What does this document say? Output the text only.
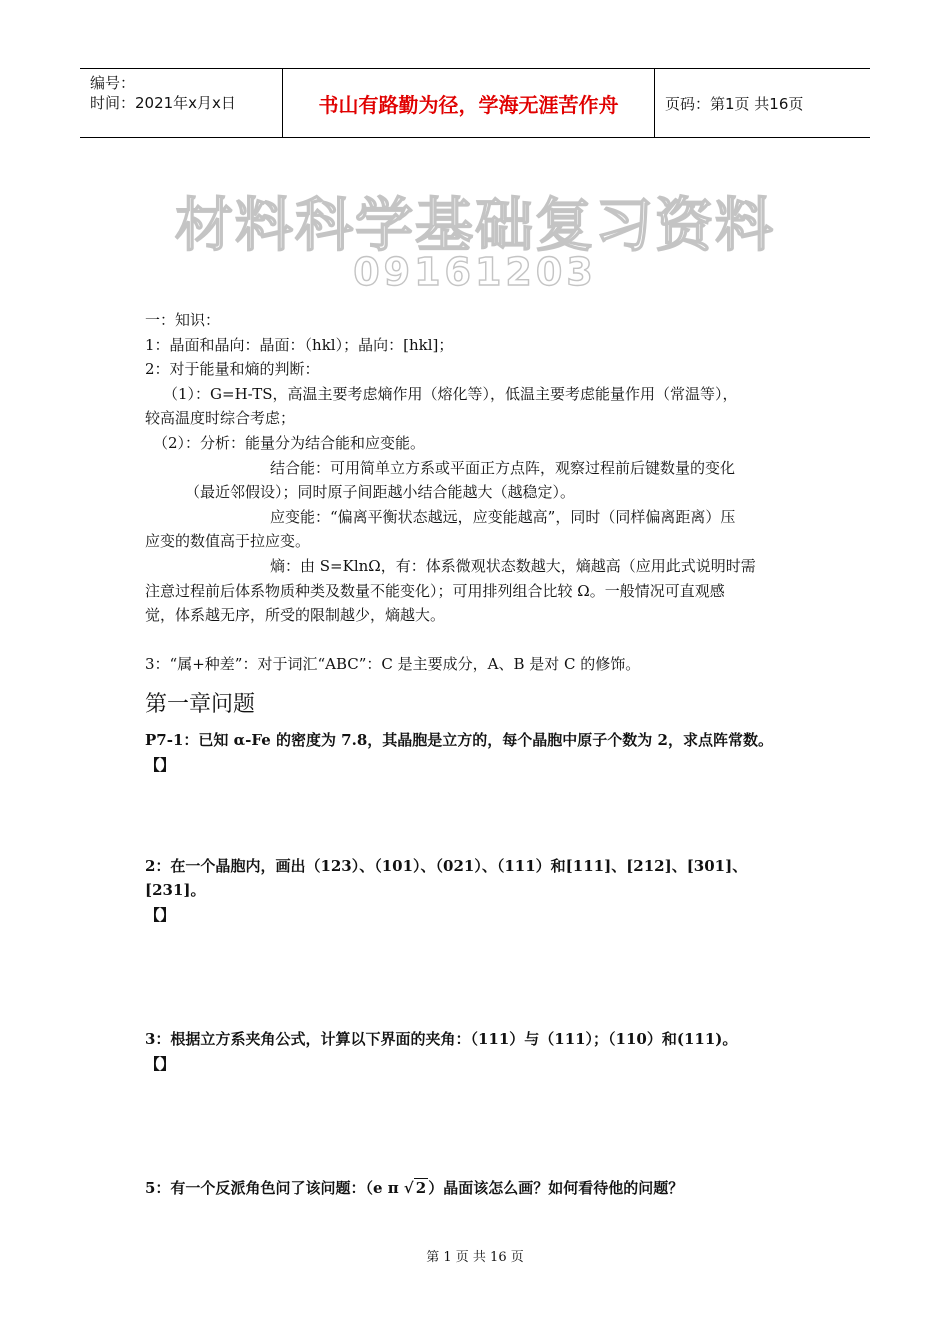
编号：
时间：2021年x月x日	书山有路勤为径，学海无涯苦作舟	页码：第1页 共16页
材料科学基础复习资料
09161203

一：知识：

1：晶面和晶向：晶面：（hkl）；晶向：[hkl]；

2：对于能量和熵的判断：

（1）：G=H-TS，高温主要考虑熵作用（熔化等），低温主要考虑能量作用（常温等），

较高温度时综合考虑；

（2）：分析：能量分为结合能和应变能。

结合能：可用简单立方系或平面正方点阵，观察过程前后键数量的变化

（最近邻假设）；同时原子间距越小结合能越大（越稳定）。

应变能：“偏离平衡状态越远，应变能越高”，同时（同样偏离距离）压

应变的数值高于拉应变。

熵：由 S=KlnΩ，有：体系微观状态数越大，熵越高（应用此式说明时需

注意过程前后体系物质种类及数量不能变化）；可用排列组合比较 Ω。一般情况可直观感

觉，体系越无序，所受的限制越少，熵越大。

3：“属+种差”：对于词汇“ABC”：C 是主要成分，A、B 是对 C 的修饰。

第一章问题

P7-1：已知 α-Fe 的密度为 7.8，其晶胞是立方的，每个晶胞中原子个数为 2，求点阵常数。

【】

2：在一个晶胞内，画出（123）、（101）、（021）、（111）和[111]、[212]、[301]、

[231]。

【】

3：根据立方系夹角公式，计算以下界面的夹角：（111）与（111）；（110）和(111)。

【】

5：有一个反派角色问了该问题：（e π √ 2 ）晶面该怎么画？如何看待他的问题？

第 1 页 共 16 页
